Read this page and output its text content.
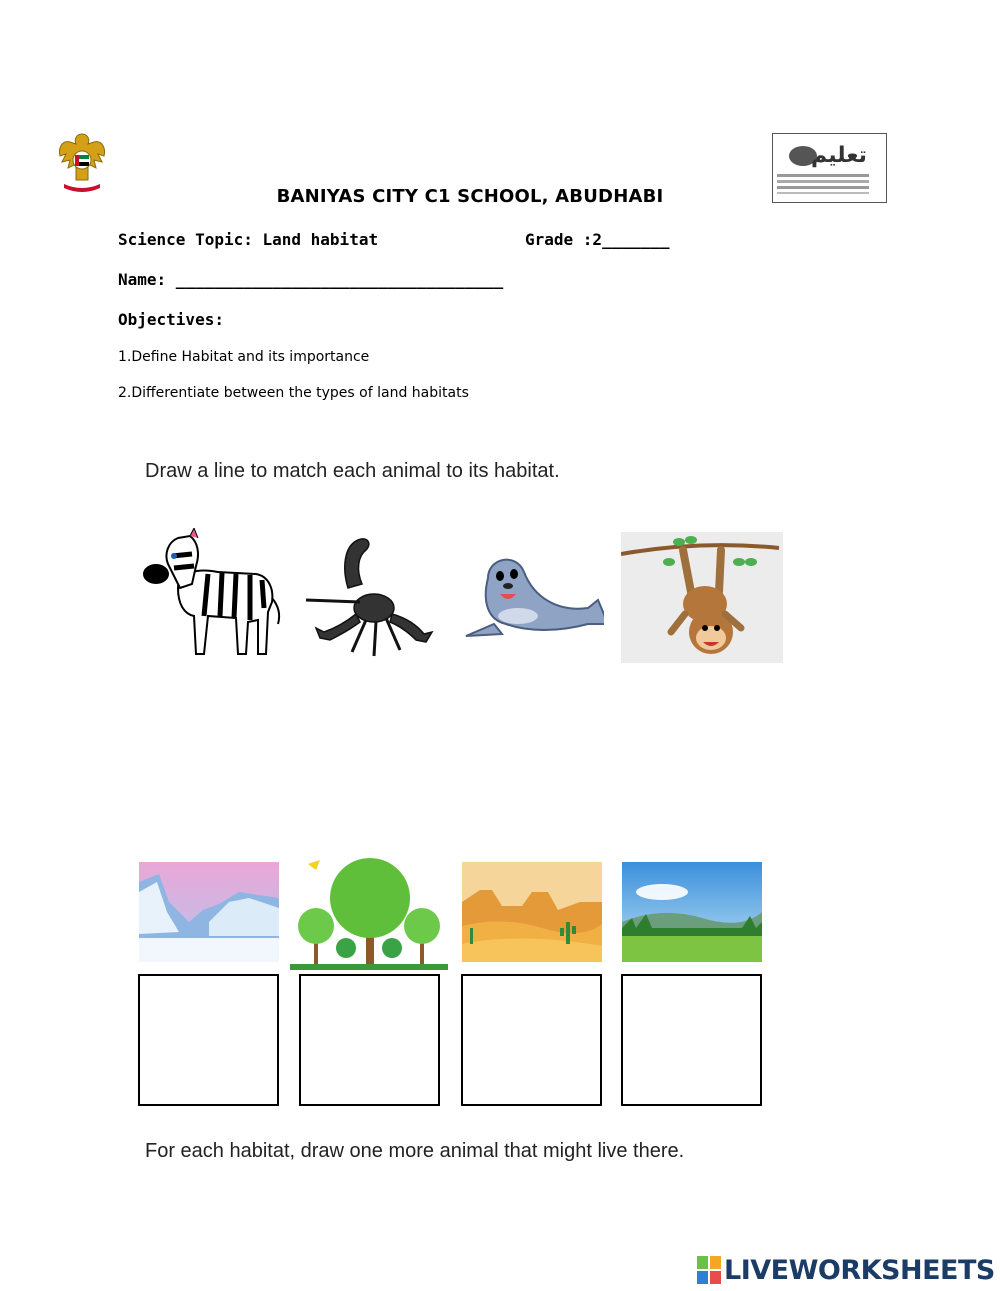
تعليم
BANIYAS CITY C1 SCHOOL, ABUDHABI
Science Topic: Land habitat	Grade :2_______
Name: __________________________________
Objectives:
1.Define Habitat and its importance
2.Differentiate between the types of land habitats
Draw a line to match each animal to its habitat.
For each habitat, draw one more animal that might live there.
LIVEWORKSHEETS
